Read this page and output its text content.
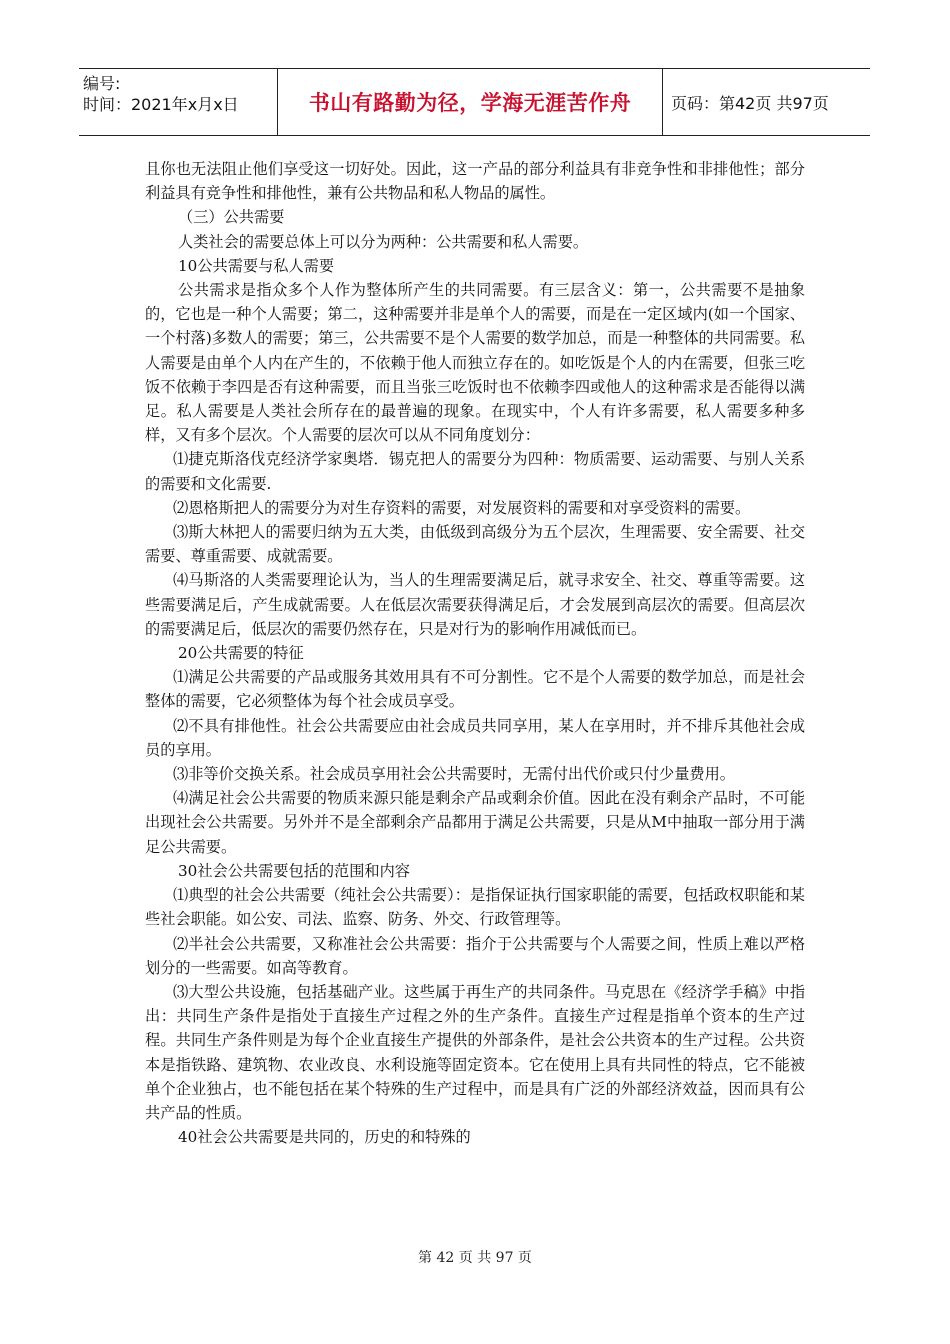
编号:
时间：2021年x月x日	书山有路勤为径，学海无涯苦作舟	页码：第42页 共97页

且你也无法阻止他们享受这一切好处。因此，这一产品的部分利益具有非竞争性和非排他性；部分利益具有竞争性和排他性，兼有公共物品和私人物品的属性。

（三）公共需要

人类社会的需要总体上可以分为两种：公共需要和私人需要。

10公共需要与私人需要

公共需求是指众多个人作为整体所产生的共同需要。有三层含义：第一，公共需要不是抽象的，它也是一种个人需要；第二，这种需要并非是单个人的需要，而是在一定区域内(如一个国家、一个村落)多数人的需要；第三，公共需要不是个人需要的数学加总，而是一种整体的共同需要。私人需要是由单个人内在产生的，不依赖于他人而独立存在的。如吃饭是个人的内在需要，但张三吃饭不依赖于李四是否有这种需要，而且当张三吃饭时也不依赖李四或他人的这种需求是否能得以满足。私人需要是人类社会所存在的最普遍的现象。在现实中，个人有许多需要，私人需要多种多样，又有多个层次。个人需要的层次可以从不同角度划分：

⑴捷克斯洛伐克经济学家奥塔．锡克把人的需要分为四种：物质需要、运动需要、与别人关系的需要和文化需要.

⑵恩格斯把人的需要分为对生存资料的需要，对发展资料的需要和对享受资料的需要。

⑶斯大林把人的需要归纳为五大类，由低级到高级分为五个层次，生理需要、安全需要、社交需要、尊重需要、成就需要。

⑷马斯洛的人类需要理论认为，当人的生理需要满足后，就寻求安全、社交、尊重等需要。这些需要满足后，产生成就需要。人在低层次需要获得满足后，才会发展到高层次的需要。但高层次的需要满足后，低层次的需要仍然存在，只是对行为的影响作用减低而已。

20公共需要的特征

⑴满足公共需要的产品或服务其效用具有不可分割性。它不是个人需要的数学加总，而是社会整体的需要，它必须整体为每个社会成员享受。

⑵不具有排他性。社会公共需要应由社会成员共同享用，某人在享用时，并不排斥其他社会成员的享用。

⑶非等价交换关系。社会成员享用社会公共需要时，无需付出代价或只付少量费用。

⑷满足社会公共需要的物质来源只能是剩余产品或剩余价值。因此在没有剩余产品时，不可能出现社会公共需要。另外并不是全部剩余产品都用于满足公共需要，只是从M中抽取一部分用于满足公共需要。

30社会公共需要包括的范围和内容

⑴典型的社会公共需要（纯社会公共需要）：是指保证执行国家职能的需要，包括政权职能和某些社会职能。如公安、司法、监察、防务、外交、行政管理等。

⑵半社会公共需要，又称准社会公共需要：指介于公共需要与个人需要之间，性质上难以严格划分的一些需要。如高等教育。

⑶大型公共设施，包括基础产业。这些属于再生产的共同条件。马克思在《经济学手稿》中指出：共同生产条件是指处于直接生产过程之外的生产条件。直接生产过程是指单个资本的生产过程。共同生产条件则是为每个企业直接生产提供的外部条件，是社会公共资本的生产过程。公共资本是指铁路、建筑物、农业改良、水利设施等固定资本。它在使用上具有共同性的特点，它不能被单个企业独占，也不能包括在某个特殊的生产过程中，而是具有广泛的外部经济效益，因而具有公共产品的性质。

40社会公共需要是共同的，历史的和特殊的

第 42 页 共 97 页
